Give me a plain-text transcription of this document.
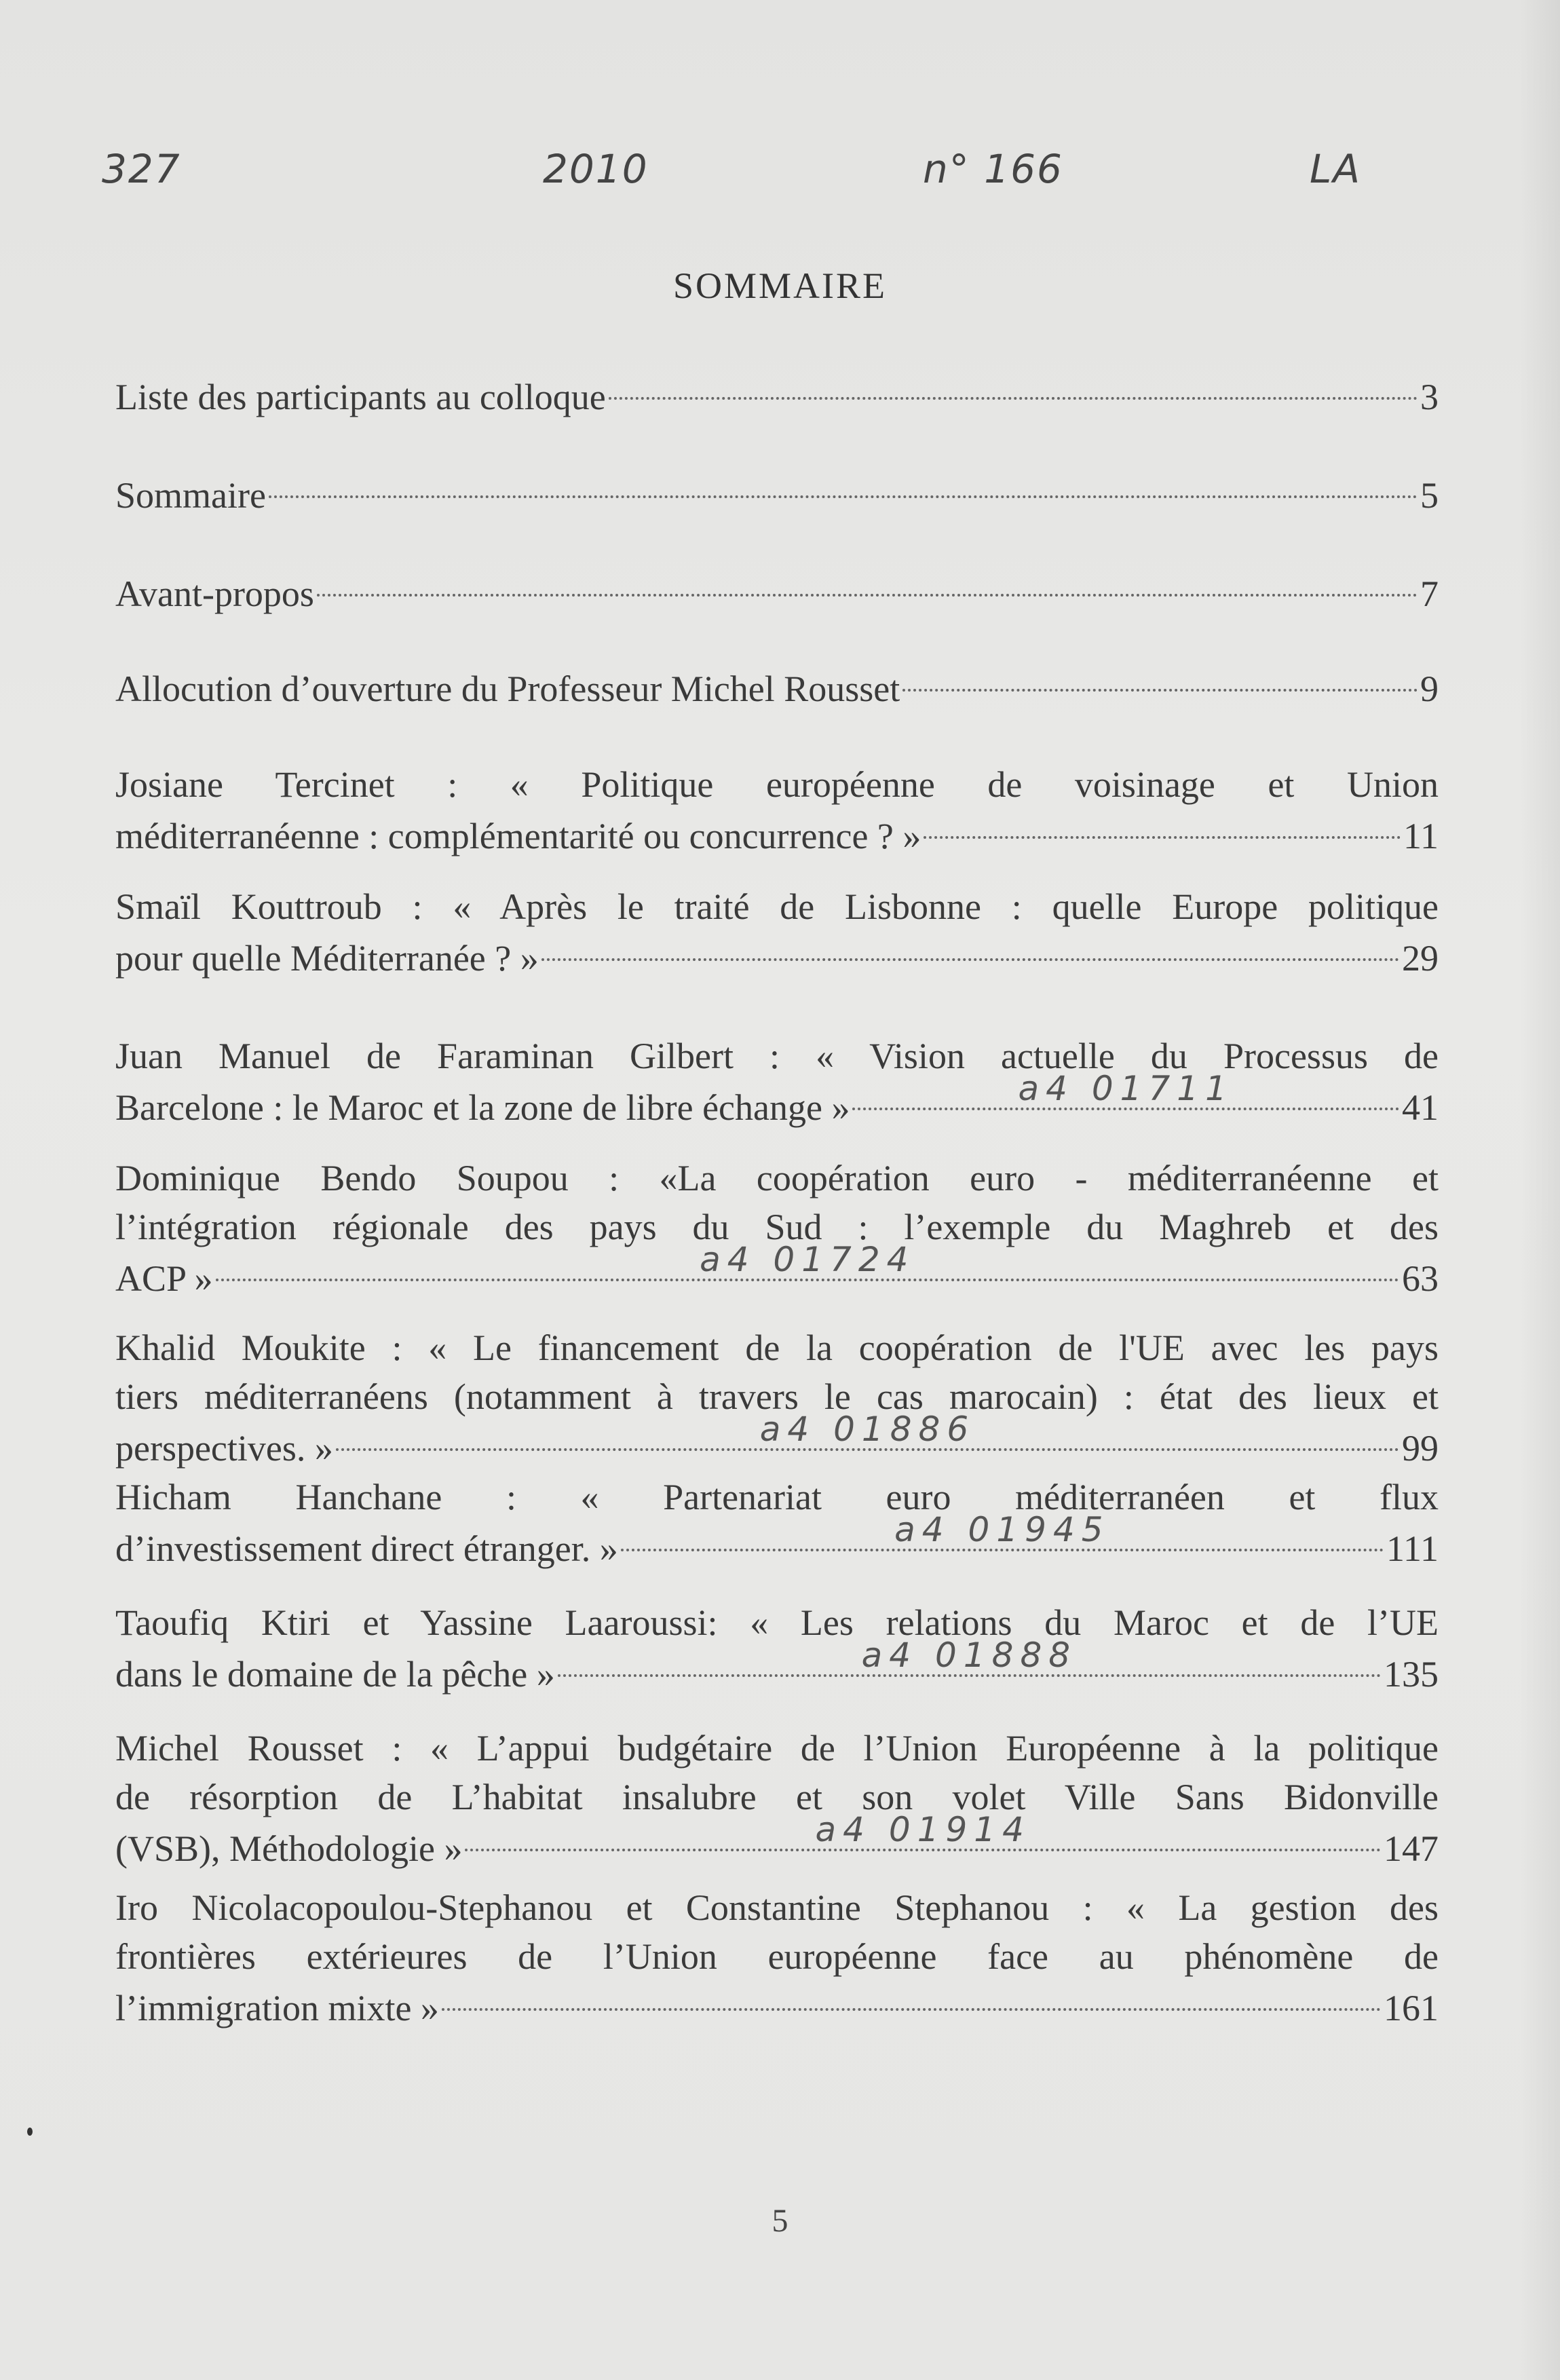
327	2010	n° 166	LA
SOMMAIRE
Liste des participants au colloque	3
Sommaire	5
Avant-propos	7
Allocution d’ouverture du Professeur Michel Rousset	9
Josiane Tercinet : « Politique européenne de voisinage et Union
méditerranéenne : complémentarité ou concurrence ? »	11
Smaïl Kouttroub : « Après le traité de Lisbonne : quelle Europe politique
pour quelle Méditerranée ? »	29
Juan Manuel de Faraminan Gilbert : « Vision actuelle du Processus de
Barcelone : le Maroc et la zone de libre échange »	a4 01711	41
Dominique Bendo Soupou : «La coopération euro - méditerranéenne et
l’intégration régionale des pays du Sud : l’exemple du Maghreb et des
ACP »	a4 01724	63
Khalid Moukite : « Le financement de la coopération de l'UE avec les pays
tiers méditerranéens (notamment à travers le cas marocain) : état des lieux et
perspectives. »	a4 01886	99
Hicham Hanchane : « Partenariat euro méditerranéen et flux
d’investissement direct étranger. »	a4 01945	111
Taoufiq Ktiri et Yassine Laaroussi: « Les relations du Maroc et de l’UE
dans le domaine de la pêche »	a4 01888	135
Michel Rousset : « L’appui budgétaire de l’Union Européenne à la politique
de résorption de L’habitat insalubre et son volet Ville Sans Bidonville
(VSB), Méthodologie »	a4 01914	147
Iro Nicolacopoulou-Stephanou et Constantine Stephanou : « La gestion des
frontières extérieures de l’Union européenne face au phénomène de
l’immigration mixte »	161
5
